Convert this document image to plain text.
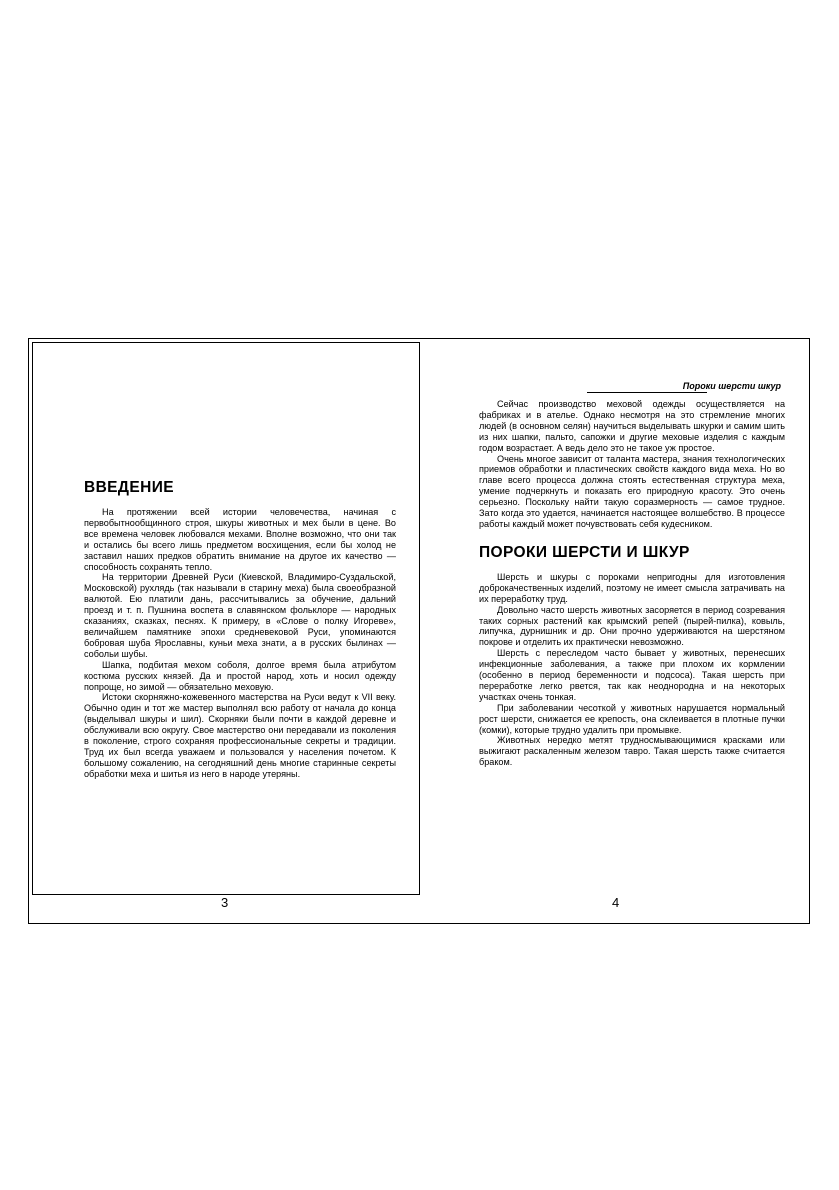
ВВЕДЕНИЕ

На протяжении всей истории человечества, начиная с первобытнообщинного строя, шкуры животных и мех были в цене. Во все времена человек любовался мехами. Вполне возможно, что они так и остались бы всего лишь предметом восхищения, если бы холод не заставил наших предков обратить внимание на другое их качество — способность сохранять тепло.

На территории Древней Руси (Киевской, Владимиро-Суздальской, Московской) рухлядь (так называли в старину меха) была своеобразной валютой. Ею платили дань, рассчитывались за обучение, дальний проезд и т. п. Пушнина воспета в славянском фольклоре — народных сказаниях, сказках, песнях. К примеру, в «Слове о полку Игореве», величайшем памятнике эпохи средневековой Руси, упоминаются бобровая шуба Ярославны, куньи меха знати, а в русских былинах — собольи шубы.

Шапка, подбитая мехом соболя, долгое время была атрибутом костюма русских князей. Да и простой народ, хоть и носил одежду попроще, но зимой — обязательно меховую.

Истоки скорняжно-кожевенного мастерства на Руси ведут к VII веку. Обычно один и тот же мастер выполнял всю работу от начала до конца (выделывал шкуры и шил). Скорняки были почти в каждой деревне и обслуживали всю округу. Свое мастерство они передавали из поколения в поколение, строго сохраняя профессиональные секреты и традиции. Труд их был всегда уважаем и пользовался у населения почетом. К большому сожалению, на сегодняшний день многие старинные секреты обработки меха и шитья из него в народе утеряны.

Пороки шерсти шкур

Сейчас производство меховой одежды осуществляется на фабриках и в ателье. Однако несмотря на это стремление многих людей (в основном селян) научиться выделывать шкурки и самим шить из них шапки, пальто, сапожки и другие меховые изделия с каждым годом возрастает. А ведь дело это не такое уж простое.

Очень многое зависит от таланта мастера, знания технологических приемов обработки и пластических свойств каждого вида меха. Но во главе всего процесса должна стоять естественная структура меха, умение подчеркнуть и показать его природную красоту. Это очень серьезно. Поскольку найти такую соразмерность — самое трудное. Зато когда это удается, начинается настоящее волшебство. В процессе работы каждый может почувствовать себя кудесником.

ПОРОКИ ШЕРСТИ И ШКУР

Шерсть и шкуры с пороками непригодны для изготовления доброкачественных изделий, поэтому не имеет смысла затрачивать на их переработку труд.

Довольно часто шерсть животных засоряется в период созревания таких сорных растений как крымский репей (пырей-пилка), ковыль, липучка, дурнишник и др. Они прочно удерживаются на шерстяном покрове и отделить их практически невозможно.

Шерсть с переследом часто бывает у животных, перенесших инфекционные заболевания, а также при плохом их кормлении (особенно в период беременности и подсоса). Такая шерсть при переработке легко рвется, так как неоднородна и на некоторых участках очень тонкая.

При заболевании чесоткой у животных нарушается нормальный рост шерсти, снижается ее крепость, она склеивается в плотные пучки (комки), которые трудно удалить при промывке.

Животных нередко метят трудносмывающимися красками или выжигают раскаленным железом тавро. Такая шерсть также считается браком.

3	4
